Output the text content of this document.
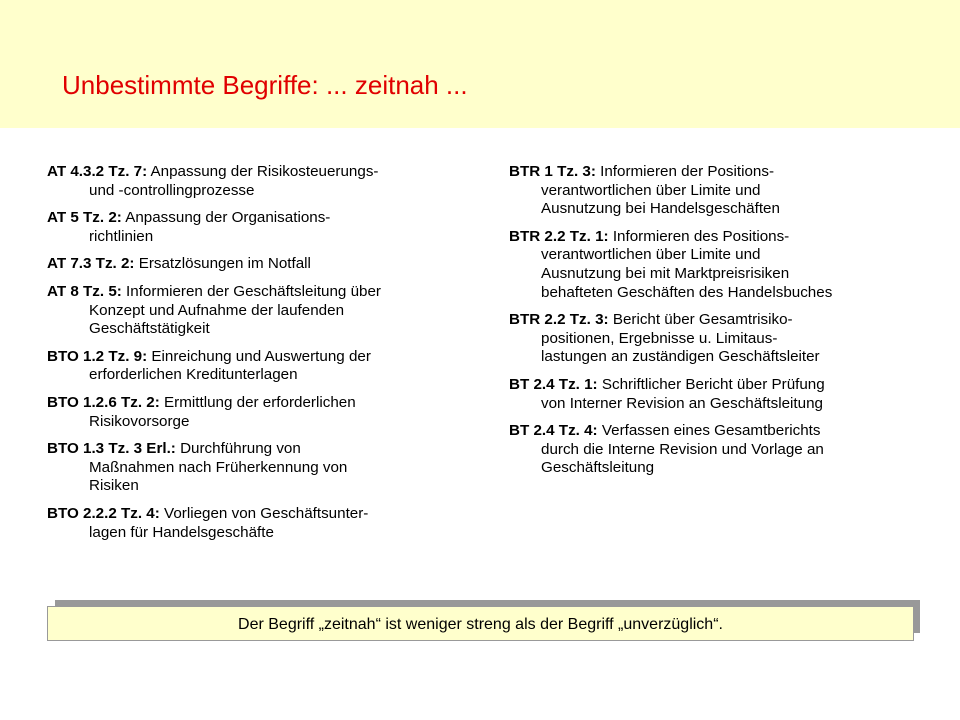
Unbestimmte Begriffe: ... zeitnah ...
AT 4.3.2 Tz. 7: Anpassung der Risikosteuerungs-
und -controllingprozesse
AT 5 Tz. 2: Anpassung der Organisations-
richtlinien
AT 7.3 Tz. 2: Ersatzlösungen im Notfall
AT 8 Tz. 5: Informieren der Geschäftsleitung über
Konzept und Aufnahme der laufenden
Geschäftstätigkeit
BTO 1.2 Tz. 9: Einreichung und Auswertung der
erforderlichen Kreditunterlagen
BTO 1.2.6 Tz. 2: Ermittlung der erforderlichen
Risikovorsorge
BTO 1.3 Tz. 3 Erl.: Durchführung von
Maßnahmen nach Früherkennung von
Risiken
BTO 2.2.2 Tz. 4: Vorliegen von Geschäftsunter-
lagen für Handelsgeschäfte
BTR 1 Tz. 3: Informieren der Positions-
verantwortlichen über Limite und
Ausnutzung bei Handelsgeschäften
BTR 2.2 Tz. 1: Informieren des Positions-
verantwortlichen über Limite und
Ausnutzung bei mit Marktpreisrisiken
behafteten Geschäften des Handelsbuches
BTR 2.2 Tz. 3: Bericht über Gesamtrisiko-
positionen, Ergebnisse u. Limitaus-
lastungen an zuständigen Geschäftsleiter
BT 2.4 Tz. 1: Schriftlicher Bericht über Prüfung
von Interner Revision an Geschäftsleitung
BT 2.4 Tz. 4: Verfassen eines Gesamtberichts
durch die Interne Revision und Vorlage an
Geschäftsleitung
Der Begriff „zeitnah“ ist weniger streng als der Begriff „unverzüglich“.
